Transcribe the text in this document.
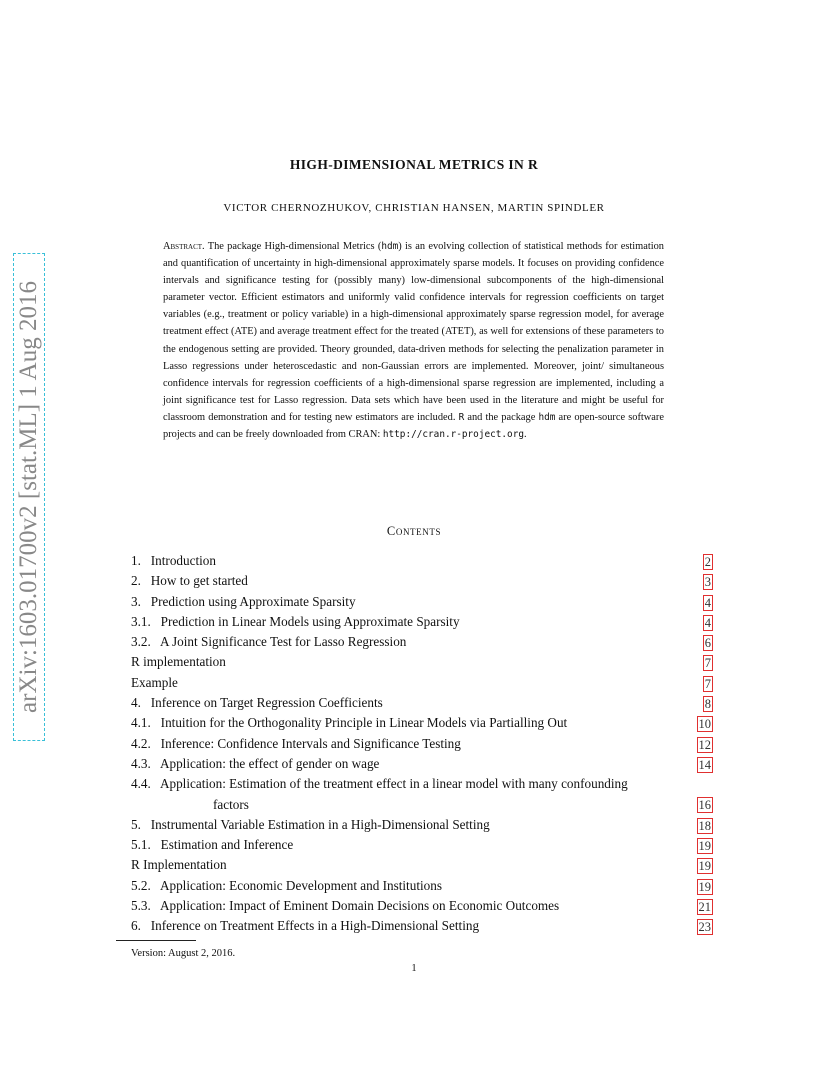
arXiv:1603.01700v2 [stat.ML] 1 Aug 2016
HIGH-DIMENSIONAL METRICS IN R
VICTOR CHERNOZHUKOV, CHRISTIAN HANSEN, MARTIN SPINDLER
Abstract. The package High-dimensional Metrics (hdm) is an evolving collection of statistical methods for estimation and quantification of uncertainty in high-dimensional approximately sparse models. It focuses on providing confidence intervals and significance testing for (possibly many) low-dimensional subcomponents of the high-dimensional parameter vector. Efficient estimators and uniformly valid confidence intervals for regression coefficients on target variables (e.g., treatment or policy variable) in a high-dimensional approximately sparse regression model, for average treatment effect (ATE) and average treatment effect for the treated (ATET), as well for extensions of these parameters to the endogenous setting are provided. Theory grounded, data-driven methods for selecting the penalization parameter in Lasso regressions under heteroscedastic and non-Gaussian errors are implemented. Moreover, joint/ simultaneous confidence intervals for regression coefficients of a high-dimensional sparse regression are implemented, including a joint significance test for Lasso regression. Data sets which have been used in the literature and might be useful for classroom demonstration and for testing new estimators are included. R and the package hdm are open-source software projects and can be freely downloaded from CRAN: http://cran.r-project.org.
Contents
1. Introduction	2
2. How to get started	3
3. Prediction using Approximate Sparsity	4
3.1. Prediction in Linear Models using Approximate Sparsity	4
3.2. A Joint Significance Test for Lasso Regression	6
R implementation	7
Example	7
4. Inference on Target Regression Coefficients	8
4.1. Intuition for the Orthogonality Principle in Linear Models via Partialling Out	10
4.2. Inference: Confidence Intervals and Significance Testing	12
4.3. Application: the effect of gender on wage	14
4.4. Application: Estimation of the treatment effect in a linear model with many confounding
factors	16
5. Instrumental Variable Estimation in a High-Dimensional Setting	18
5.1. Estimation and Inference	19
R Implementation	19
5.2. Application: Economic Development and Institutions	19
5.3. Application: Impact of Eminent Domain Decisions on Economic Outcomes	21
6. Inference on Treatment Effects in a High-Dimensional Setting	23
Version: August 2, 2016.
1
